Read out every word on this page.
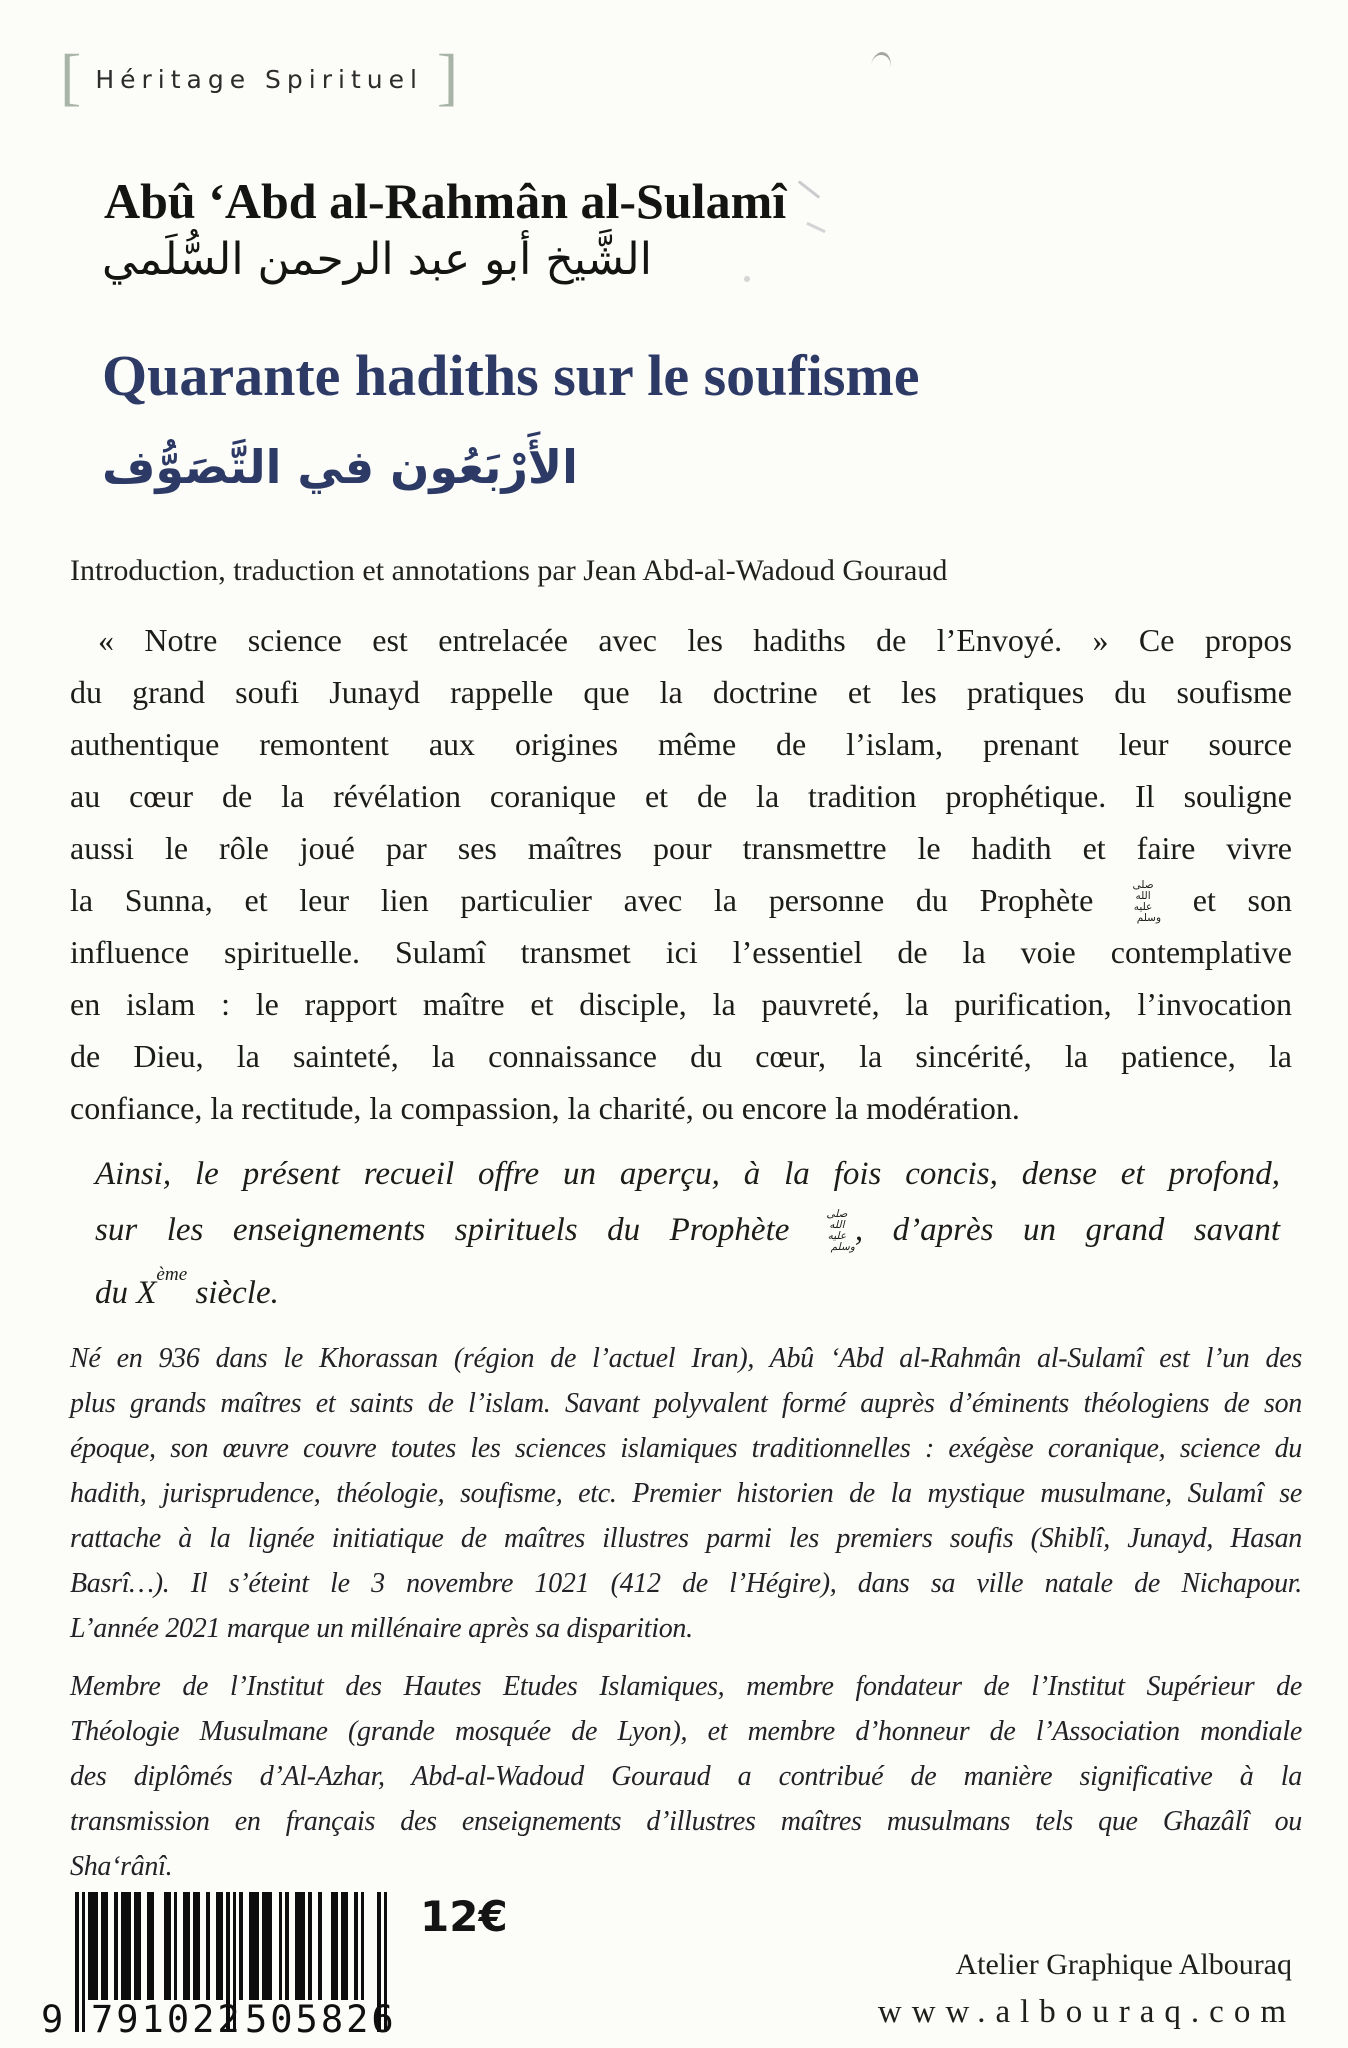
[ Héritage Spirituel ]
Abû ‘Abd al-Rahmân al-Sulamî
الشَّيخ أبو عبد الرحمن السُّلَمي
Quarante hadiths sur le soufisme
الأَرْبَعُون في التَّصَوُّف
Introduction, traduction et annotations par Jean Abd-al-Wadoud Gouraud
« Notre science est entrelacée avec les hadiths de l’Envoyé. » Ce propos
du grand soufi Junayd rappelle que la doctrine et les pratiques du soufisme
authentique remontent aux origines même de l’islam, prenant leur source
au cœur de la révélation coranique et de la tradition prophétique. Il souligne
aussi le rôle joué par ses maîtres pour transmettre le hadith et faire vivre
la Sunna, et leur lien particulier avec la personne du Prophète صلى الله عليه وسلم et son
influence spirituelle. Sulamî transmet ici l’essentiel de la voie contemplative
en islam : le rapport maître et disciple, la pauvreté, la purification, l’invocation
de Dieu, la sainteté, la connaissance du cœur, la sincérité, la patience, la
confiance, la rectitude, la compassion, la charité, ou encore la modération.
Ainsi, le présent recueil offre un aperçu, à la fois concis, dense et profond,
sur les enseignements spirituels du Prophète صلى الله عليه وسلم, d’après un grand savant
du Xème siècle.
Né en 936 dans le Khorassan (région de l’actuel Iran), Abû ‘Abd al-Rahmân al-Sulamî est l’un des
plus grands maîtres et saints de l’islam. Savant polyvalent formé auprès d’éminents théologiens de son
époque, son œuvre couvre toutes les sciences islamiques traditionnelles : exégèse coranique, science du
hadith, jurisprudence, théologie, soufisme, etc. Premier historien de la mystique musulmane, Sulamî se
rattache à la lignée initiatique de maîtres illustres parmi les premiers soufis (Shiblî, Junayd, Hasan
Basrî…). Il s’éteint le 3 novembre 1021 (412 de l’Hégire), dans sa ville natale de Nichapour.
L’année 2021 marque un millénaire après sa disparition.
Membre de l’Institut des Hautes Etudes Islamiques, membre fondateur de l’Institut Supérieur de
Théologie Musulmane (grande mosquée de Lyon), et membre d’honneur de l’Association mondiale
des diplômés d’Al-Azhar, Abd-al-Wadoud Gouraud a contribué de manière significative à la
transmission en français des enseignements d’illustres maîtres musulmans tels que Ghazâlî ou
Sha‘rânî.
9 791022 505826
12€
Atelier Graphique Albouraq
www.albouraq.com
